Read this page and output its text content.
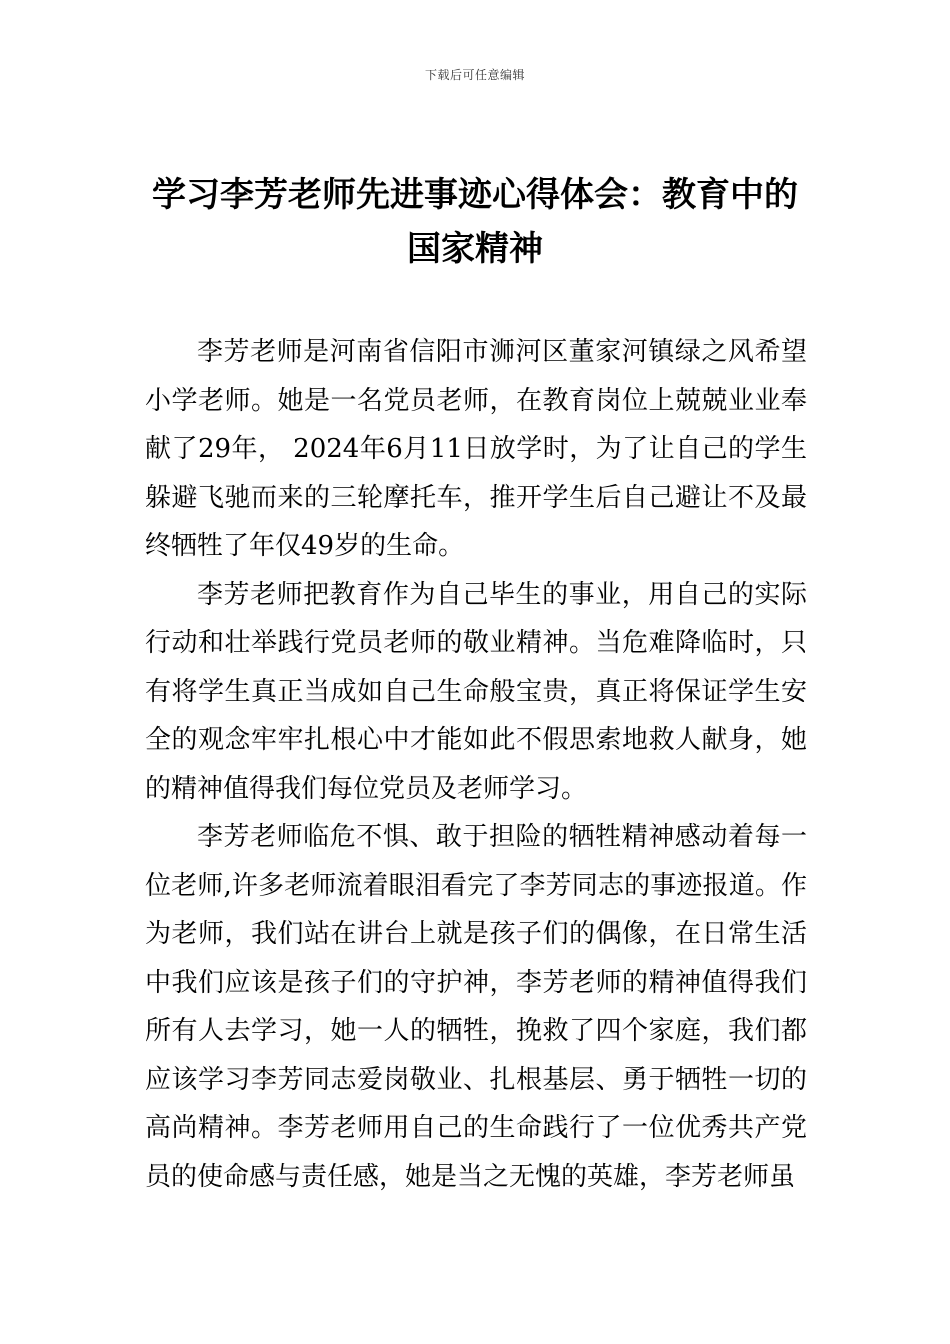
下载后可任意编辑
学习李芳老师先进事迹心得体会：教育中的国家精神

李芳老师是河南省信阳市浉河区董家河镇绿之风希望小学老师。她是一名党员老师，在教育岗位上兢兢业业奉献了29年， 2024年6月11日放学时，为了让自己的学生躲避飞驰而来的三轮摩托车，推开学生后自己避让不及最终牺牲了年仅49岁的生命。

李芳老师把教育作为自己毕生的事业，用自己的实际行动和壮举践行党员老师的敬业精神。当危难降临时，只有将学生真正当成如自己生命般宝贵，真正将保证学生安全的观念牢牢扎根心中才能如此不假思索地救人献身，她的精神值得我们每位党员及老师学习。

李芳老师临危不惧、敢于担险的牺牲精神感动着每一位老师,许多老师流着眼泪看完了李芳同志的事迹报道。作为老师，我们站在讲台上就是孩子们的偶像，在日常生活中我们应该是孩子们的守护神，李芳老师的精神值得我们所有人去学习，她一人的牺牲，挽救了四个家庭，我们都应该学习李芳同志爱岗敬业、扎根基层、勇于牺牲一切的高尚精神。李芳老师用自己的生命践行了一位优秀共产党员的使命感与责任感，她是当之无愧的英雄，李芳老师虽
